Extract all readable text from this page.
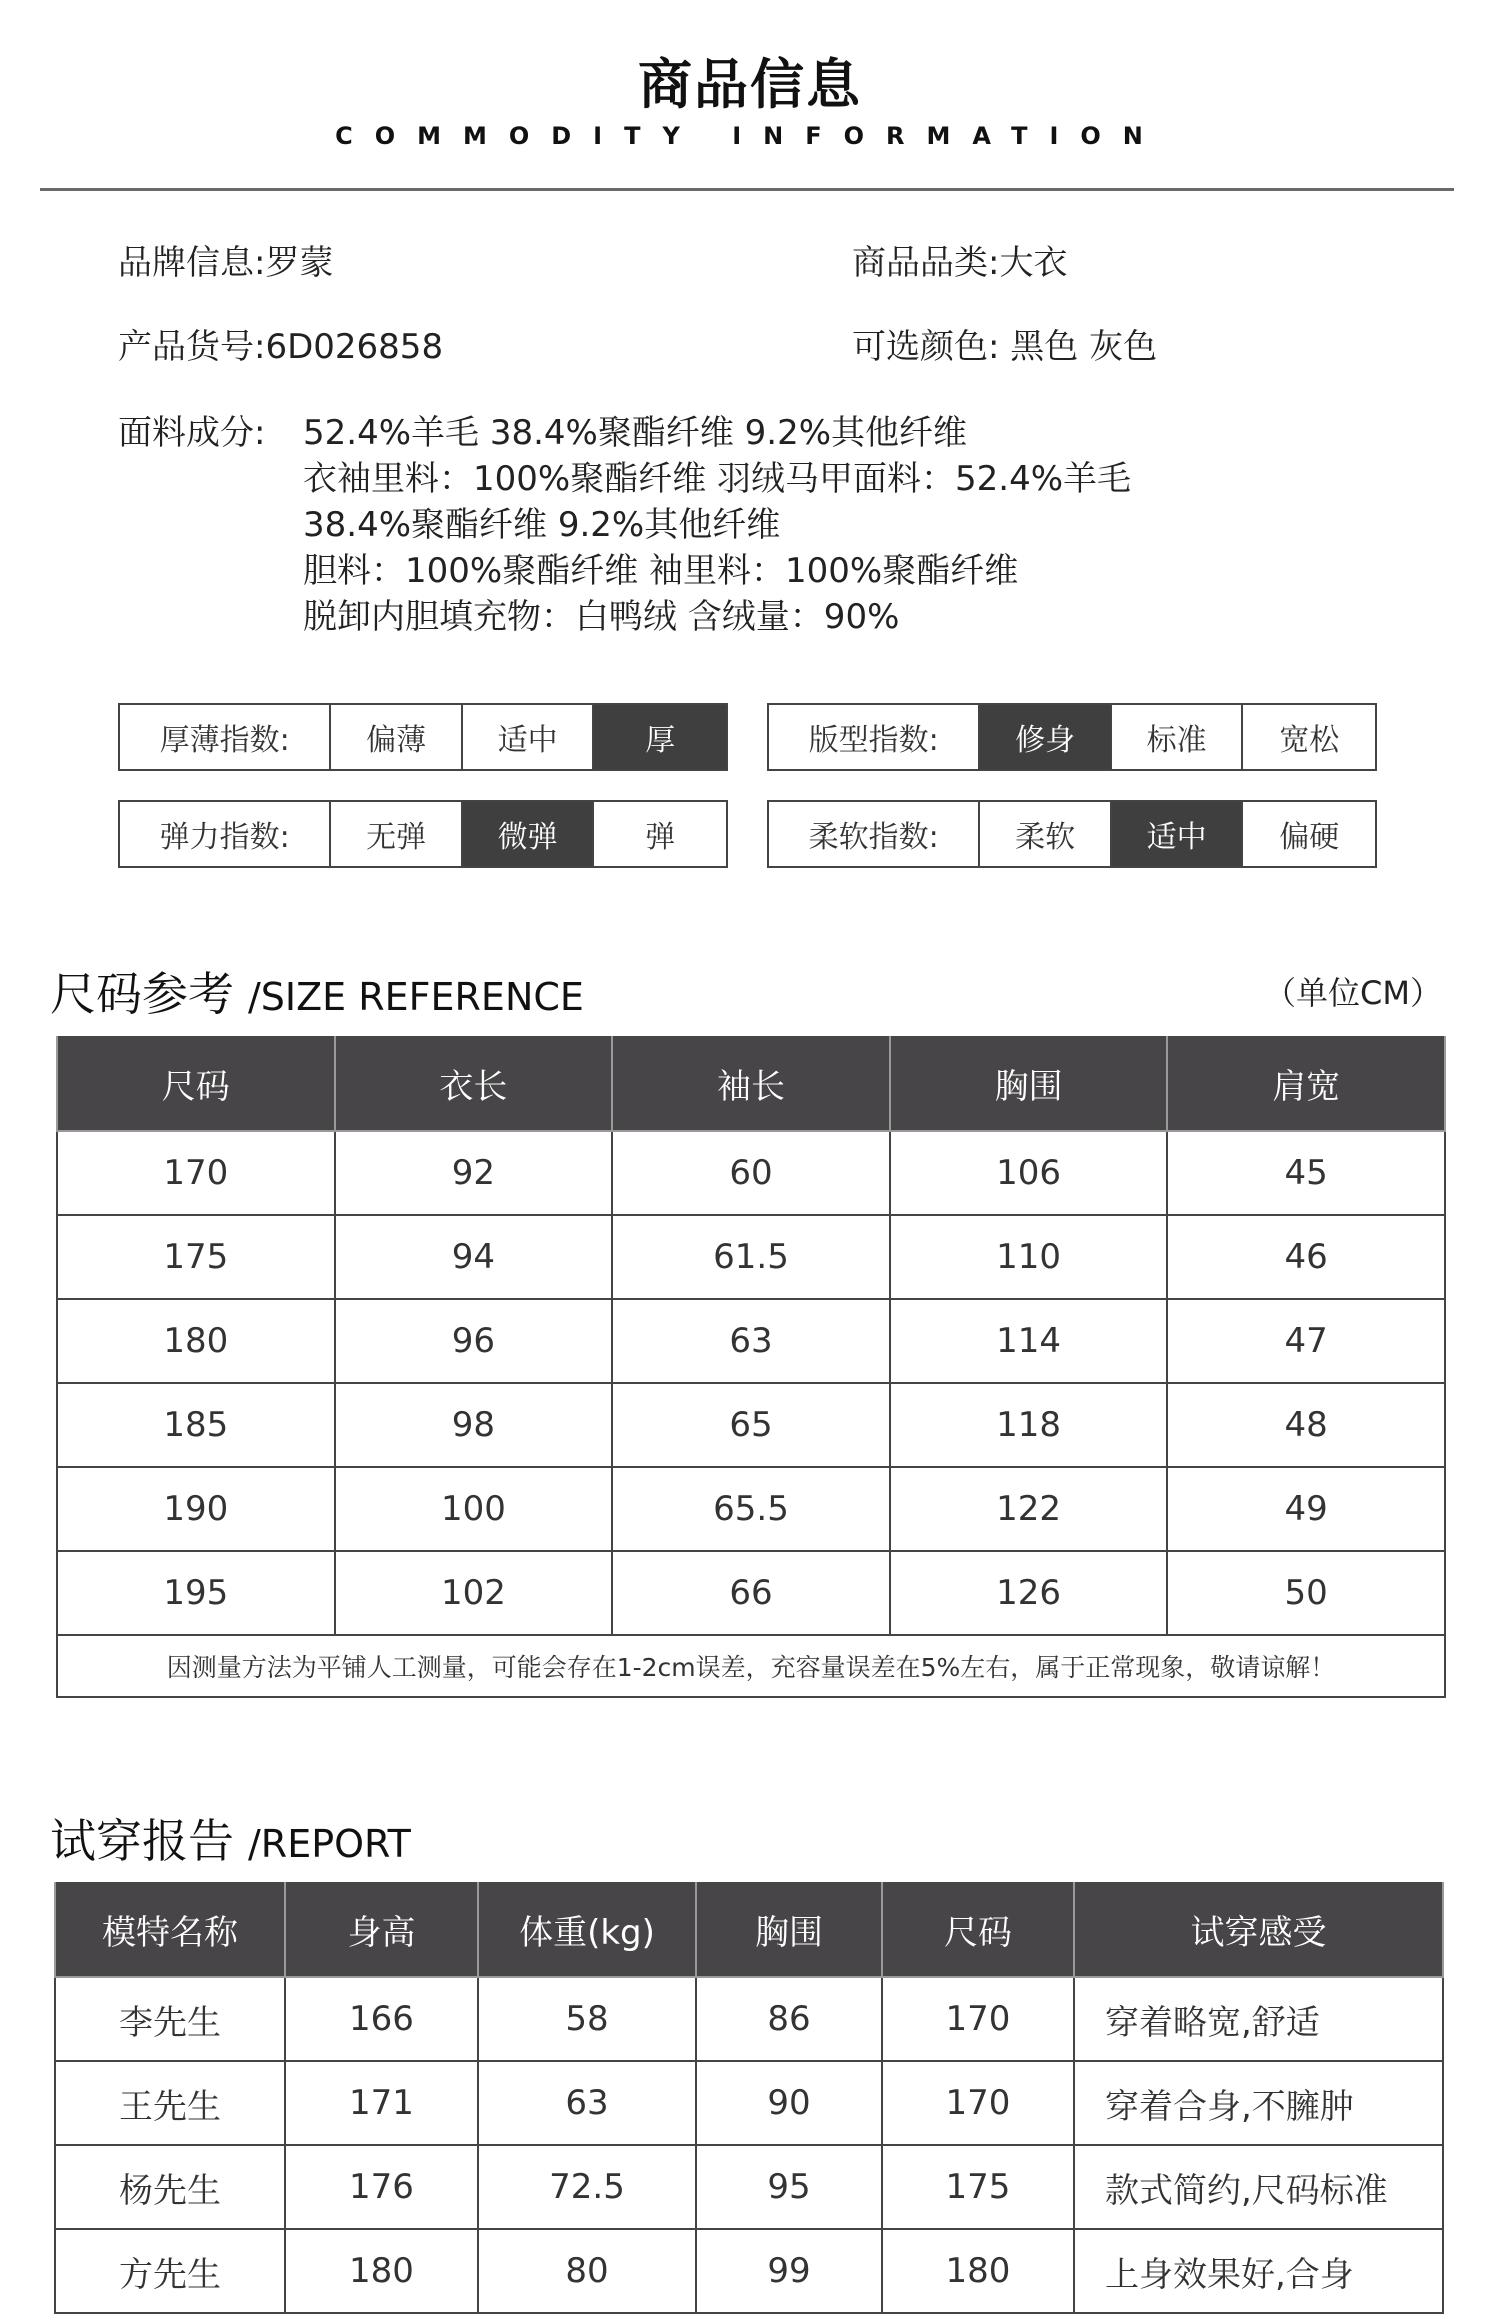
商品信息
COMMODITY INFORMATION
品牌信息:罗蒙	商品品类:大衣
产品货号:6D026858	可选颜色: 黑色 灰色
面料成分: 52.4%羊毛 38.4%聚酯纤维 9.2%其他纤维
衣袖里料：100%聚酯纤维 羽绒马甲面料：52.4%羊毛
38.4%聚酯纤维 9.2%其他纤维
胆料：100%聚酯纤维 袖里料：100%聚酯纤维
脱卸内胆填充物：白鸭绒 含绒量：90%
厚薄指数:	偏薄	适中	厚	版型指数:	修身	标准	宽松
弹力指数:	无弹	微弹	弹	柔软指数:	柔软	适中	偏硬
尺码参考 /SIZE REFERENCE	（单位CM）
尺码	衣长	袖长	胸围	肩宽
170	92	60	106	45
175	94	61.5	110	46
180	96	63	114	47
185	98	65	118	48
190	100	65.5	122	49
195	102	66	126	50
因测量方法为平铺人工测量，可能会存在1-2cm误差，充容量误差在5%左右，属于正常现象，敬请谅解！				
试穿报告 /REPORT
模特名称	身高	体重(kg)	胸围	尺码	试穿感受
李先生	166	58	86	170	穿着略宽,舒适
王先生	171	63	90	170	穿着合身,不臃肿
杨先生	176	72.5	95	175	款式简约,尺码标准
方先生	180	80	99	180	上身效果好,合身
